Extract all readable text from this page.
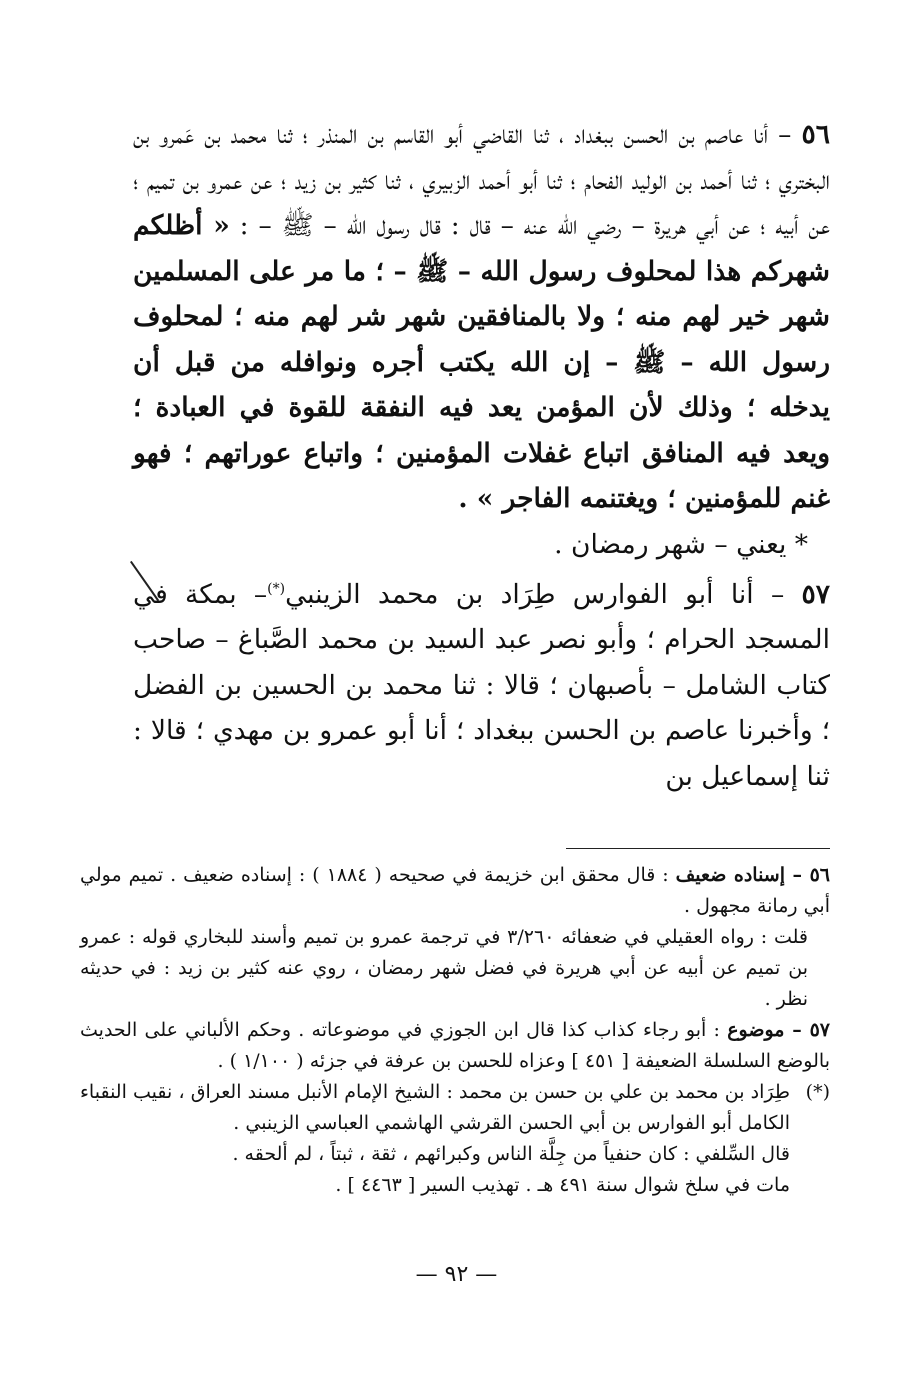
٥٦ – أنا عاصم بن الحسن ببغداد ، ثنا القاضي أبو القاسم بن المنذر ؛ ثنا محمد بن عَمرو بن البختري ؛ ثنا أحمد بن الوليد الفحام ؛ ثنا أبو أحمد الزبيري ، ثنا كثير بن زيد ؛ عن عمرو بن تميم ؛ عن أبيه ؛ عن أبي هريرة – رضي الله عنه – قال : قال رسول الله – ﷺ – : « أظلكم شهركم هذا لمحلوف رسول الله – ﷺ – ؛ ما مر على المسلمين شهر خير لهم منه ؛ ولا بالمنافقين شهر شر لهم منه ؛ لمحلوف رسول الله – ﷺ – إن الله يكتب أجره ونوافله من قبل أن يدخله ؛ وذلك لأن المؤمن يعد فيه النفقة للقوة في العبادة ؛ ويعد فيه المنافق اتباع غفلات المؤمنين ؛ واتباع عوراتهم ؛ فهو غنم للمؤمنين ؛ ويغتنمه الفاجر » .

* يعني – شهر رمضان .

٥٧ – أنا أبو الفوارس طِرَاد بن محمد الزينبي(*)– بمكة في المسجد الحرام ؛ وأبو نصر عبد السيد بن محمد الصَّباغ – صاحب كتاب الشامل – بأصبهان ؛ قالا : ثنا محمد بن الحسين بن الفضل ؛ وأخبرنا عاصم بن الحسن ببغداد ؛ أنا أبو عمرو بن مهدي ؛ قالا : ثنا إسماعيل بن

٥٦ – إسناده ضعيف : قال محقق ابن خزيمة في صحيحه ( ١٨٨٤ ) : إسناده ضعيف . تميم مولي أبي رمانة مجهول .

قلت : رواه العقيلي في ضعفائه ٣/٢٦٠ في ترجمة عمرو بن تميم وأسند للبخاري قوله : عمرو بن تميم عن أبيه عن أبي هريرة في فضل شهر رمضان ، روي عنه كثير بن زيد : في حديثه نظر .

٥٧ – موضوع : أبو رجاء كذاب كذا قال ابن الجوزي في موضوعاته . وحكم الألباني على الحديث بالوضع السلسلة الضعيفة [ ٤٥١ ] وعزاه للحسن بن عرفة في جزئه ( ١/١٠٠ ) .

(*)
طِرَاد بن محمد بن علي بن حسن بن محمد : الشيخ الإمام الأنبل مسند العراق ، نقيب النقباء الكامل أبو الفوارس بن أبي الحسن القرشي الهاشمي العباسي الزينبي .

قال السِّلفي : كان حنفياً من جِلَّة الناس وكبرائهم ، ثقة ، ثبتاً ، لم ألحقه .

مات في سلخ شوال سنة ٤٩١ هـ . تهذيب السير [ ٤٤٦٣ ] .

— ٩٢ —
